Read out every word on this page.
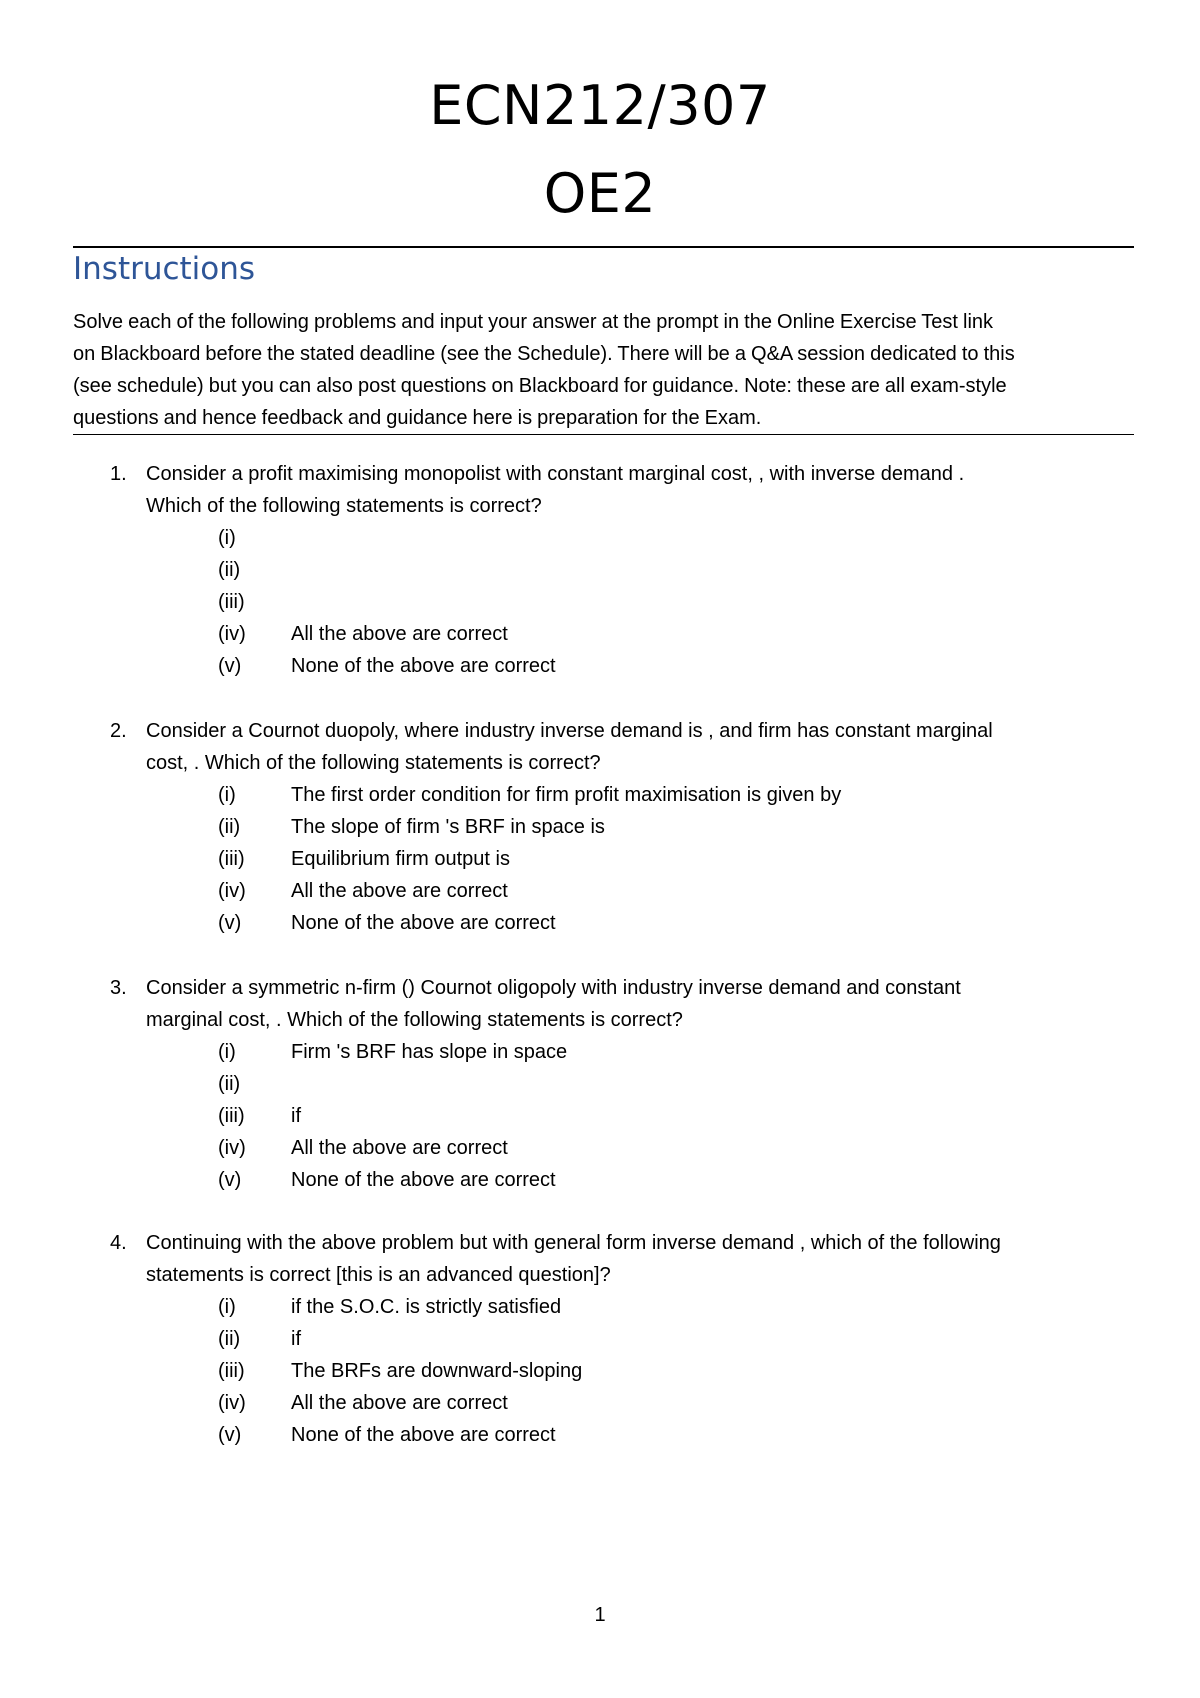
ECN212/307
OE2
Instructions
Solve each of the following problems and input your answer at the prompt in the Online Exercise Test link
on Blackboard before the stated deadline (see the Schedule). There will be a Q&A session dedicated to this
(see schedule) but you can also post questions on Blackboard for guidance. Note: these are all exam-style
questions and hence feedback and guidance here is preparation for the Exam.
1. Consider a profit maximising monopolist with constant marginal cost, , with inverse demand .
Which of the following statements is correct?
(i)
(ii)
(iii)
(iv) All the above are correct
(v) None of the above are correct
2. Consider a Cournot duopoly, where industry inverse demand is , and firm has constant marginal
cost, . Which of the following statements is correct?
(i)	The first order condition for firm profit maximisation is given by
(ii)	The slope of firm 's BRF in space is
(iii) Equilibrium firm output is
(iv) All the above are correct
(v) None of the above are correct
3. Consider a symmetric n-firm () Cournot oligopoly with industry inverse demand and constant
marginal cost, . Which of the following statements is correct?
(i)	Firm 's BRF has slope in space
(ii)
(iii) if
(iv) All the above are correct
(v) None of the above are correct
4. Continuing with the above problem but with general form inverse demand , which of the following
statements is correct [this is an advanced question]?
(i)	if the S.O.C. is strictly satisfied
(ii)	if
(iii) The BRFs are downward-sloping
(iv) All the above are correct
(v) None of the above are correct
1
